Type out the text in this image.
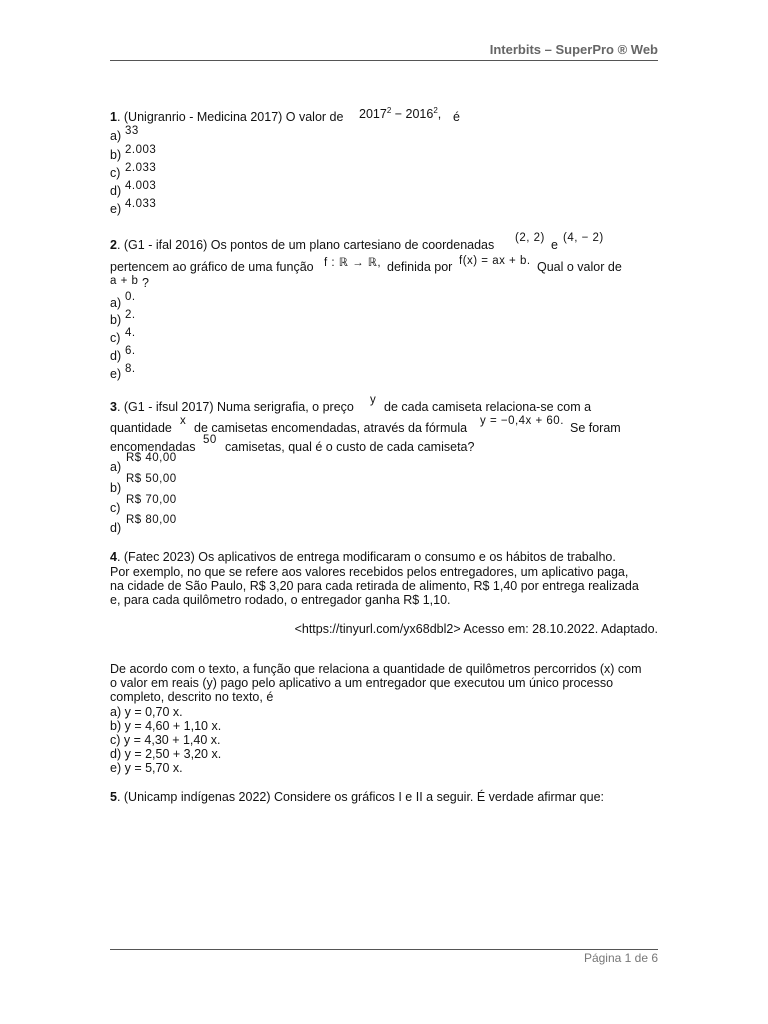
Interbits – SuperPro ® Web
1. (Unigranrio - Medicina 2017) O valor de $2017^2 - 2016^2$, é
a) 33
b) 2.003
c) 2.033
d) 4.003
e) 4.033
2. (G1 - ifal 2016) Os pontos de um plano cartesiano de coordenadas (2, 2) e (4, − 2)
pertencem ao gráfico de uma função f : ℝ → ℝ, definida por f(x) = ax + b. Qual o valor de
a + b ?
a) 0.
b) 2.
c) 4.
d) 6.
e) 8.
3. (G1 - ifsul 2017) Numa serigrafia, o preço y de cada camiseta relaciona-se com a
quantidade x de camisetas encomendadas, através da fórmula y = −0,4x + 60. Se foram
encomendadas 50 camisetas, qual é o custo de cada camiseta?
a)
R$ 40,00
b)
R$ 50,00
c)
R$ 70,00
d)
R$ 80,00
4. (Fatec 2023) Os aplicativos de entrega modificaram o consumo e os hábitos de trabalho.
Por exemplo, no que se refere aos valores recebidos pelos entregadores, um aplicativo paga,
na cidade de São Paulo, R$ 3,20 para cada retirada de alimento, R$ 1,40 por entrega realizada
e, para cada quilômetro rodado, o entregador ganha R$ 1,10.
<https://tinyurl.com/yx68dbl2> Acesso em: 28.10.2022. Adaptado.
De acordo com o texto, a função que relaciona a quantidade de quilômetros percorridos (x) com
o valor em reais (y) pago pelo aplicativo a um entregador que executou um único processo
completo, descrito no texto, é
a) y = 0,70 x.
b) y = 4,60 + 1,10 x.
c) y = 4,30 + 1,40 x.
d) y = 2,50 + 3,20 x.
e) y = 5,70 x.
5. (Unicamp indígenas 2022) Considere os gráficos I e II a seguir. É verdade afirmar que:
Página 1 de 6
